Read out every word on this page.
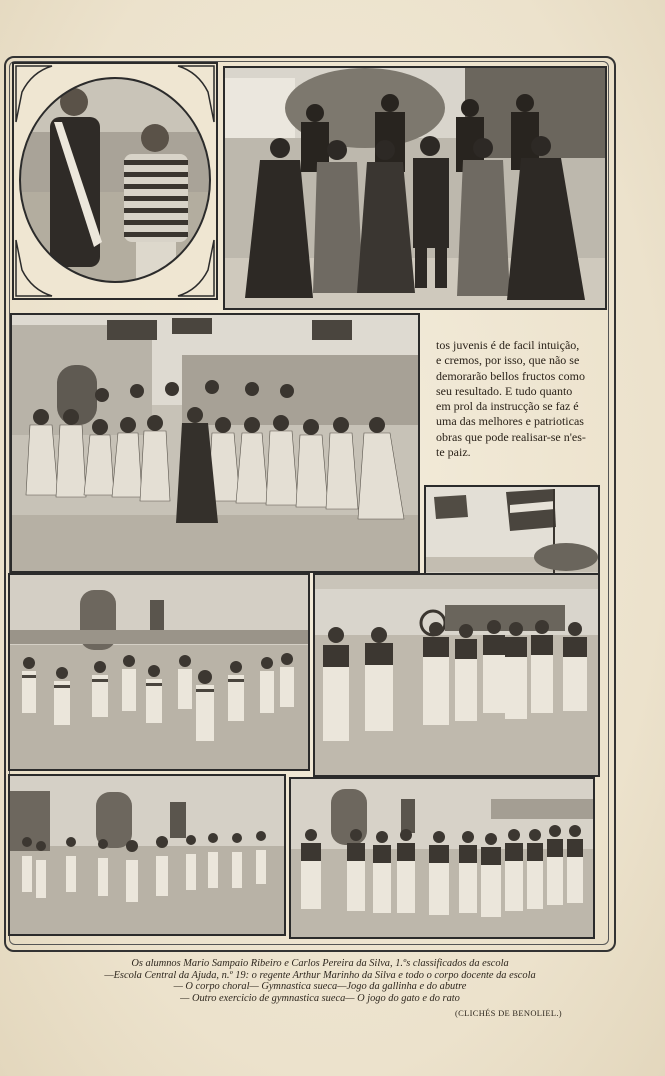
tos juvenis é de facil intuição,
e cremos, por isso, que não se
demorarão bellos fructos como
seu resultado. E tudo quanto
em prol da instrucção se faz é
uma das melhores e patrioticas
obras que pode realisar-se n'es-
te paiz.
Os alumnos Mario Sampaio Ribeiro e Carlos Pereira da Silva, 1.ºs classificados da escola
—Escola Central da Ajuda, n.º 19: o regente Arthur Marinho da Silva e todo o corpo docente da escola
— O corpo choral— Gymnastica sueca—Jogo da gallinha e do abutre
— Outro exercicio de gymnastica sueca— O jogo do gato e do rato
(CLICHÉS DE BENOLIEL.)
